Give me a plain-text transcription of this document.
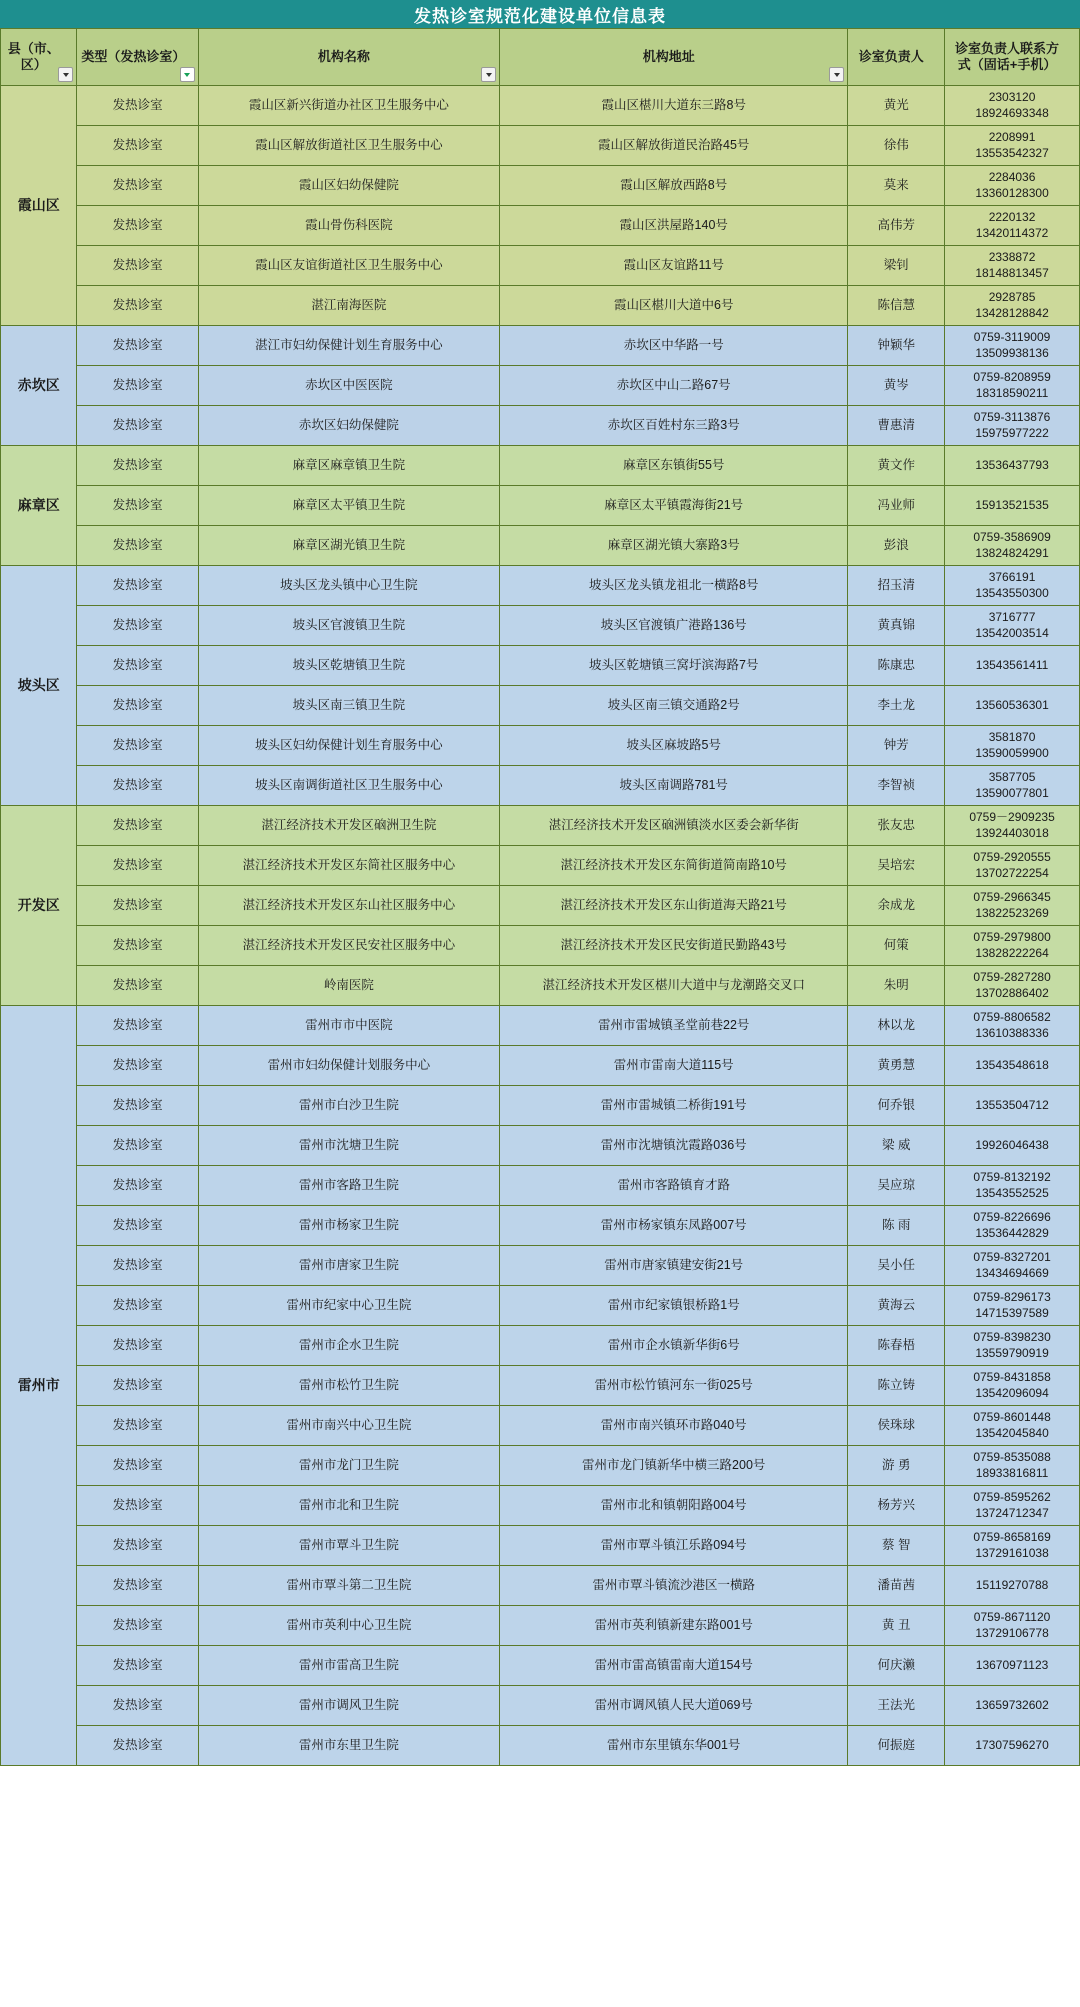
发热诊室规范化建设单位信息表
县（市、区）	类型（发热诊室）	机构名称	机构地址	诊室负责人	诊室负责人联系方式（固话+手机）
霞山区	发热诊室	霞山区新兴街道办社区卫生服务中心	霞山区椹川大道东三路8号	黄光	2303120
18924693348

	发热诊室	霞山区解放街道社区卫生服务中心	霞山区解放街道民治路45号	徐伟	2208991
13553542327

	发热诊室	霞山区妇幼保健院	霞山区解放西路8号	莫来	2284036
13360128300

	发热诊室	霞山骨伤科医院	霞山区洪屋路140号	高伟芳	2220132
13420114372

	发热诊室	霞山区友谊街道社区卫生服务中心	霞山区友谊路11号	梁钊	2338872
18148813457

	发热诊室	湛江南海医院	霞山区椹川大道中6号	陈信慧	2928785
13428128842

赤坎区	发热诊室	湛江市妇幼保健计划生育服务中心	赤坎区中华路一号	钟颖华	0759-3119009
13509938136

	发热诊室	赤坎区中医医院	赤坎区中山二路67号	黄岑	0759-8208959
18318590211

	发热诊室	赤坎区妇幼保健院	赤坎区百姓村东三路3号	曹惠清	0759-3113876
15975977222

麻章区	发热诊室	麻章区麻章镇卫生院	麻章区东镇街55号	黄文作	13536437793

	发热诊室	麻章区太平镇卫生院	麻章区太平镇霞海街21号	冯业师	15913521535

	发热诊室	麻章区湖光镇卫生院	麻章区湖光镇大寨路3号	彭浪	0759-3586909
13824824291

坡头区	发热诊室	坡头区龙头镇中心卫生院	坡头区龙头镇龙祖北一横路8号	招玉清	3766191
13543550300

	发热诊室	坡头区官渡镇卫生院	坡头区官渡镇广港路136号	黄真锦	3716777
13542003514

	发热诊室	坡头区乾塘镇卫生院	坡头区乾塘镇三窝圩滨海路7号	陈康忠	13543561411

	发热诊室	坡头区南三镇卫生院	坡头区南三镇交通路2号	李土龙	13560536301

	发热诊室	坡头区妇幼保健计划生育服务中心	坡头区麻坡路5号	钟芳	3581870
13590059900

	发热诊室	坡头区南调街道社区卫生服务中心	坡头区南调路781号	李智祯	3587705
13590077801

开发区	发热诊室	湛江经济技术开发区硇洲卫生院	湛江经济技术开发区硇洲镇淡水区委会新华街	张友忠	0759－2909235
13924403018

	发热诊室	湛江经济技术开发区东简社区服务中心	湛江经济技术开发区东简街道简南路10号	吴培宏	0759-2920555
13702722254

	发热诊室	湛江经济技术开发区东山社区服务中心	湛江经济技术开发区东山街道海天路21号	余成龙	0759-2966345
13822523269

	发热诊室	湛江经济技术开发区民安社区服务中心	湛江经济技术开发区民安街道民勤路43号	何策	0759-2979800
13828222264

	发热诊室	岭南医院	湛江经济技术开发区椹川大道中与龙潮路交叉口	朱明	0759-2827280
13702886402

雷州市	发热诊室	雷州市市中医院	雷州市雷城镇圣堂前巷22号	林以龙	0759-8806582
13610388336

	发热诊室	雷州市妇幼保健计划服务中心	雷州市雷南大道115号	黄勇慧	13543548618

	发热诊室	雷州市白沙卫生院	雷州市雷城镇二桥街191号	何乔银	13553504712

	发热诊室	雷州市沈塘卫生院	雷州市沈塘镇沈霞路036号	梁 威	19926046438

	发热诊室	雷州市客路卫生院	雷州市客路镇育才路	吴应琼	0759-8132192
13543552525

	发热诊室	雷州市杨家卫生院	雷州市杨家镇东凤路007号	陈 雨	0759-8226696
13536442829

	发热诊室	雷州市唐家卫生院	雷州市唐家镇建安街21号	吴小任	0759-8327201
13434694669

	发热诊室	雷州市纪家中心卫生院	雷州市纪家镇银桥路1号	黄海云	0759-8296173
14715397589

	发热诊室	雷州市企水卫生院	雷州市企水镇新华街6号	陈春梧	0759-8398230
13559790919

	发热诊室	雷州市松竹卫生院	雷州市松竹镇河东一街025号	陈立铸	0759-8431858
13542096094

	发热诊室	雷州市南兴中心卫生院	雷州市南兴镇环市路040号	侯珠球	0759-8601448
13542045840

	发热诊室	雷州市龙门卫生院	雷州市龙门镇新华中横三路200号	游 勇	0759-8535088
18933816811

	发热诊室	雷州市北和卫生院	雷州市北和镇朝阳路004号	杨芳兴	0759-8595262
13724712347

	发热诊室	雷州市覃斗卫生院	雷州市覃斗镇江乐路094号	蔡 智	0759-8658169
13729161038

	发热诊室	雷州市覃斗第二卫生院	雷州市覃斗镇流沙港区一横路	潘苗茜	15119270788

	发热诊室	雷州市英利中心卫生院	雷州市英利镇新建东路001号	黄 丑	0759-8671120
13729106778

	发热诊室	雷州市雷高卫生院	雷州市雷高镇雷南大道154号	何庆濑	13670971123

	发热诊室	雷州市调风卫生院	雷州市调风镇人民大道069号	王法光	13659732602

	发热诊室	雷州市东里卫生院	雷州市东里镇东华001号	何振庭	17307596270
